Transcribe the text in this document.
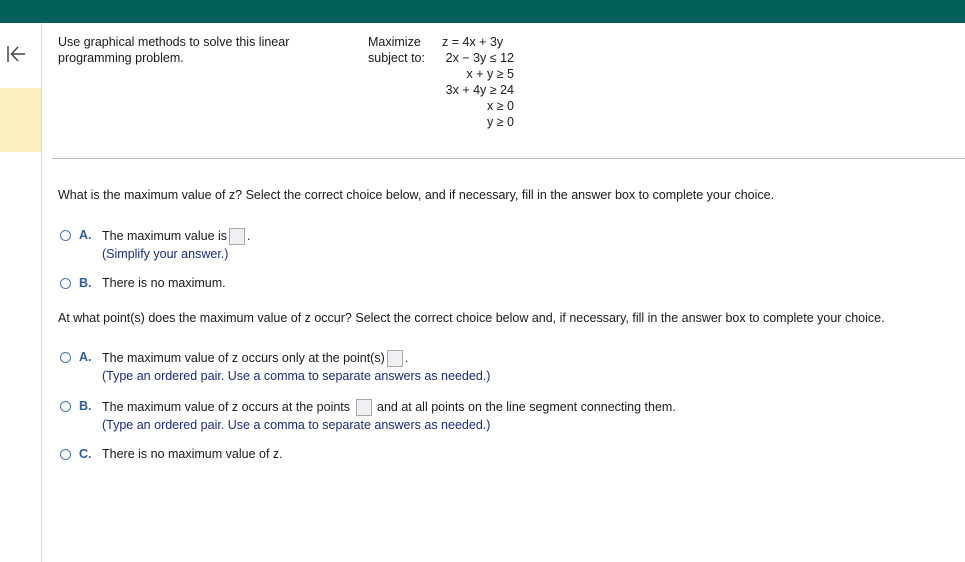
Use graphical methods to solve this linear programming problem.
Maximize
subject to:
z = 4x + 3y
2x − 3y ≤ 12
x + y ≥ 5
3x + 4y ≥ 24
x ≥ 0
y ≥ 0
What is the maximum value of z? Select the correct choice below, and if necessary, fill in the answer box to complete your choice.
A. The maximum value is .
(Simplify your answer.)
B. There is no maximum.
At what point(s) does the maximum value of z occur? Select the correct choice below and, if necessary, fill in the answer box to complete your choice.
A. The maximum value of z occurs only at the point(s) .
(Type an ordered pair. Use a comma to separate answers as needed.)
B. The maximum value of z occurs at the points and at all points on the line segment connecting them.
(Type an ordered pair. Use a comma to separate answers as needed.)
C. There is no maximum value of z.
